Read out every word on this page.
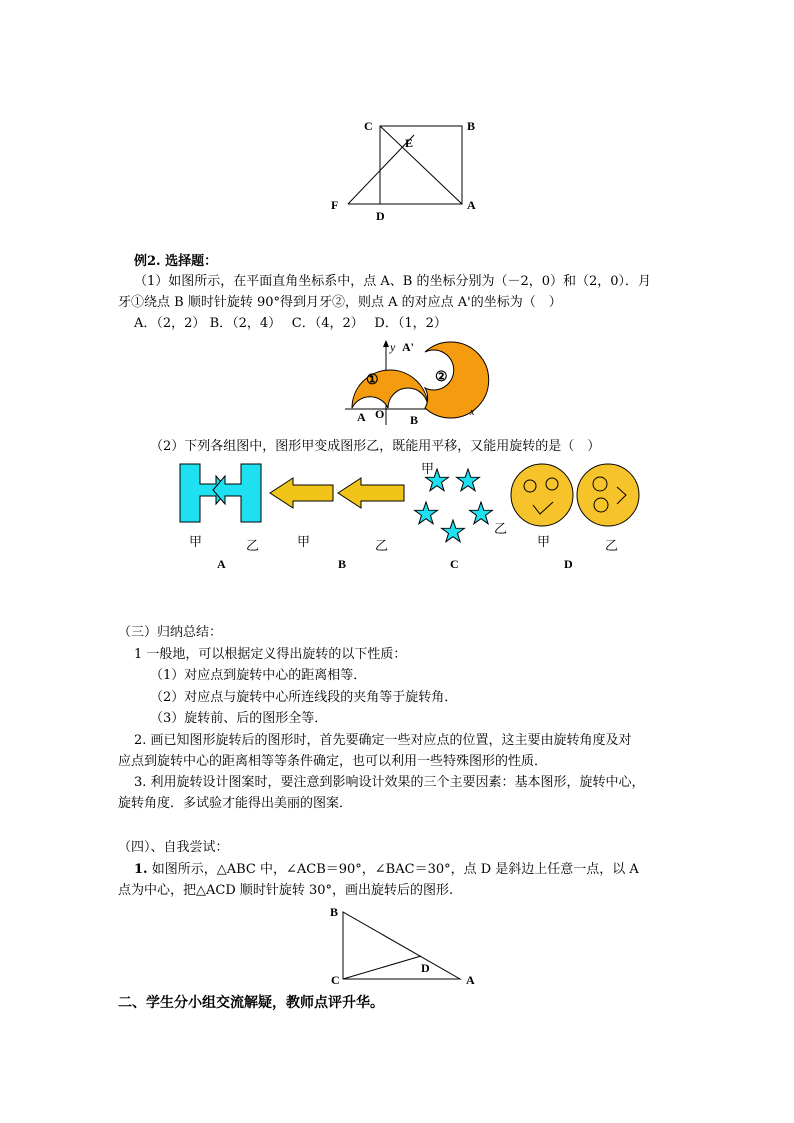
C	B
E
F
D
A
例2. 选择题：
（1）如图所示，在平面直角坐标系中，点 A、B 的坐标分别为（－2，0）和（2，0）．月
牙①绕点 B 顺时针旋转 90°得到月牙②，则点 A 的对应点 A'的坐标为（　）
A．（2，2） B．（2，4）　 C．（4，2）　 D．（1，2）
y
x
A'
①	②
A O B
（2）下列各组图中，图形甲变成图形乙，既能用平移，又能用旋转的是（　）
甲	乙	甲	乙
甲
乙
甲	乙
A	B	C	D
（三）归纳总结：
1 一般地，可以根据定义得出旋转的以下性质：
（1）对应点到旋转中心的距离相等．
（2）对应点与旋转中心所连线段的夹角等于旋转角．
（3）旋转前、后的图形全等．
2. 画已知图形旋转后的图形时，首先要确定一些对应点的位置，这主要由旋转角度及对
应点到旋转中心的距离相等等条件确定，也可以利用一些特殊图形的性质．
3. 利用旋转设计图案时，要注意到影响设计效果的三个主要因素：基本图形，旋转中心，
旋转角度．多试验才能得出美丽的图案．
（四）、自我尝试：
1. 如图所示，△ABC 中，∠ACB＝90°，∠BAC＝30°，点 D 是斜边上任意一点，以 A
点为中心，把△ACD 顺时针旋转 30°，画出旋转后的图形.
B
C
D
A
二、学生分小组交流解疑，教师点评升华。
